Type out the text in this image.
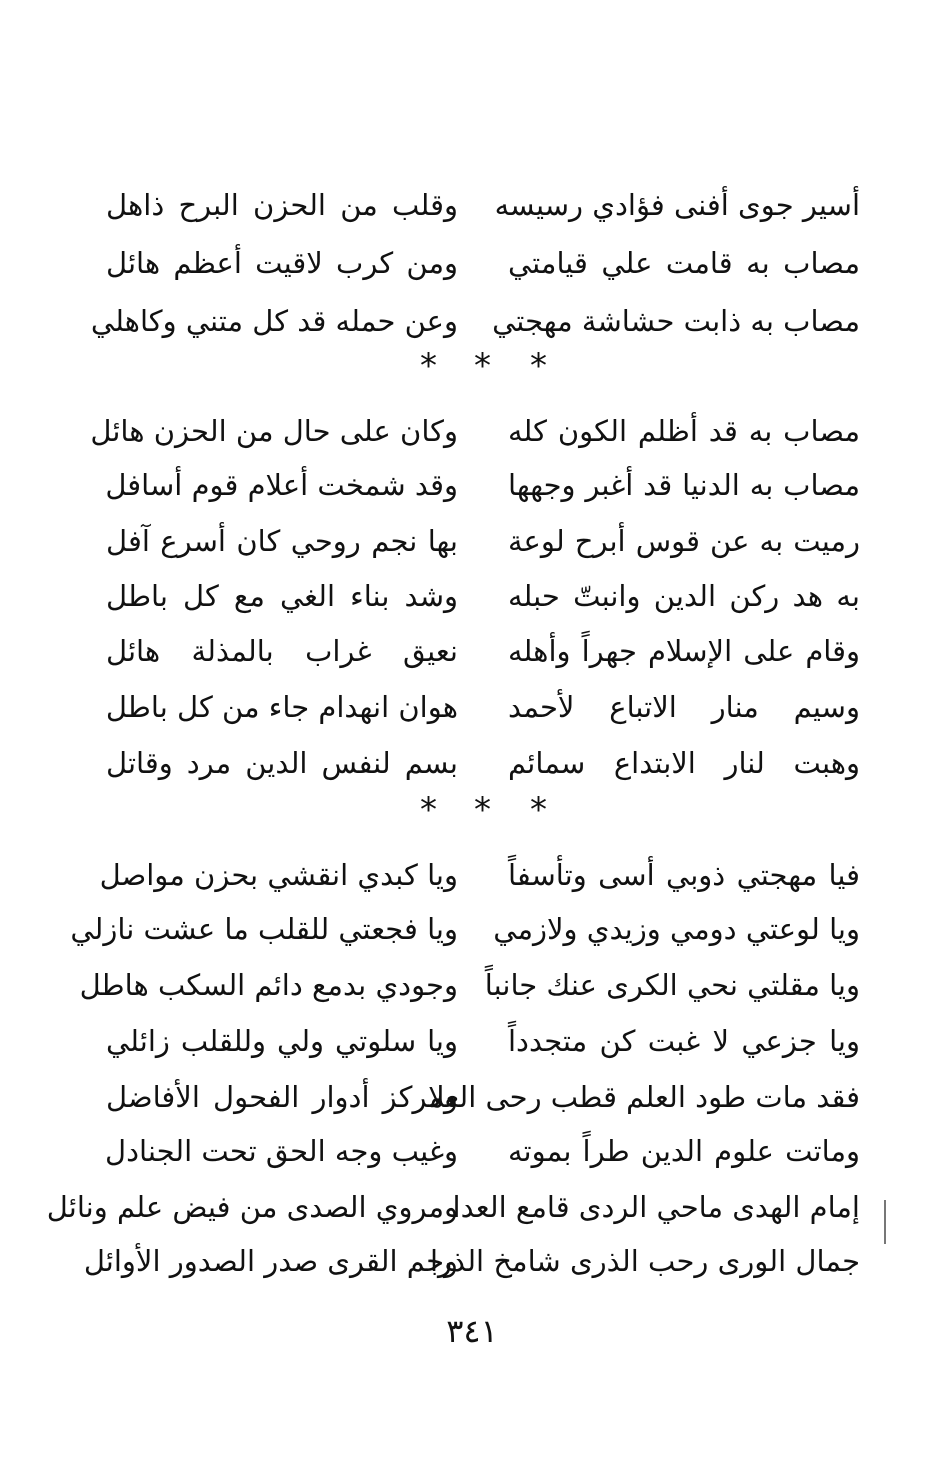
أسير جوى أفنى فؤادي رسيسه
وقلب من الحزن البرح ذاهل
مصاب به قامت علي قيامتي
ومن كرب لاقيت أعظم هائل
مصاب به ذابت حشاشة مهجتي
وعن حمله قد كل متني وكاهلي
* * *
مصاب به قد أظلم الكون كله
وكان على حال من الحزن هائل
مصاب به الدنيا قد أغبر وجهها
وقد شمخت أعلام قوم أسافل
رميت به عن قوس أبرح لوعة
بها نجم روحي كان أسرع آفل
به هد ركن الدين وانبتّ حبله
وشد بناء الغي مع كل باطل
وقام على الإسلام جهراً وأهله
نعيق غراب بالمذلة هائل
وسيم منار الاتباع لأحمد
هوان انهدام جاء من كل باطل
وهبت لنار الابتداع سمائم
بسم لنفس الدين مرد وقاتل
* * *
فيا مهجتي ذوبي أسى وتأسفاً
ويا كبدي انقشي بحزن مواصل
ويا لوعتي دومي وزيدي ولازمي
ويا فجعتي للقلب ما عشت نازلي
ويا مقلتي نحي الكرى عنك جانباً
وجودي بدمع دائم السكب هاطل
ويا جزعي لا غبت كن متجدداً
ويا سلوتي ولي وللقلب زائلي
فقد مات طود العلم قطب رحى العلا
ومركز أدوار الفحول الأفاضل
وماتت علوم الدين طراً بموته
وغيب وجه الحق تحت الجنادل
إمام الهدى ماحي الردى قامع العدا
ومروي الصدى من فيض علم ونائل
جمال الورى رحب الذرى شامخ الذرا
وجم القرى صدر الصدور الأوائل
٣٤١
